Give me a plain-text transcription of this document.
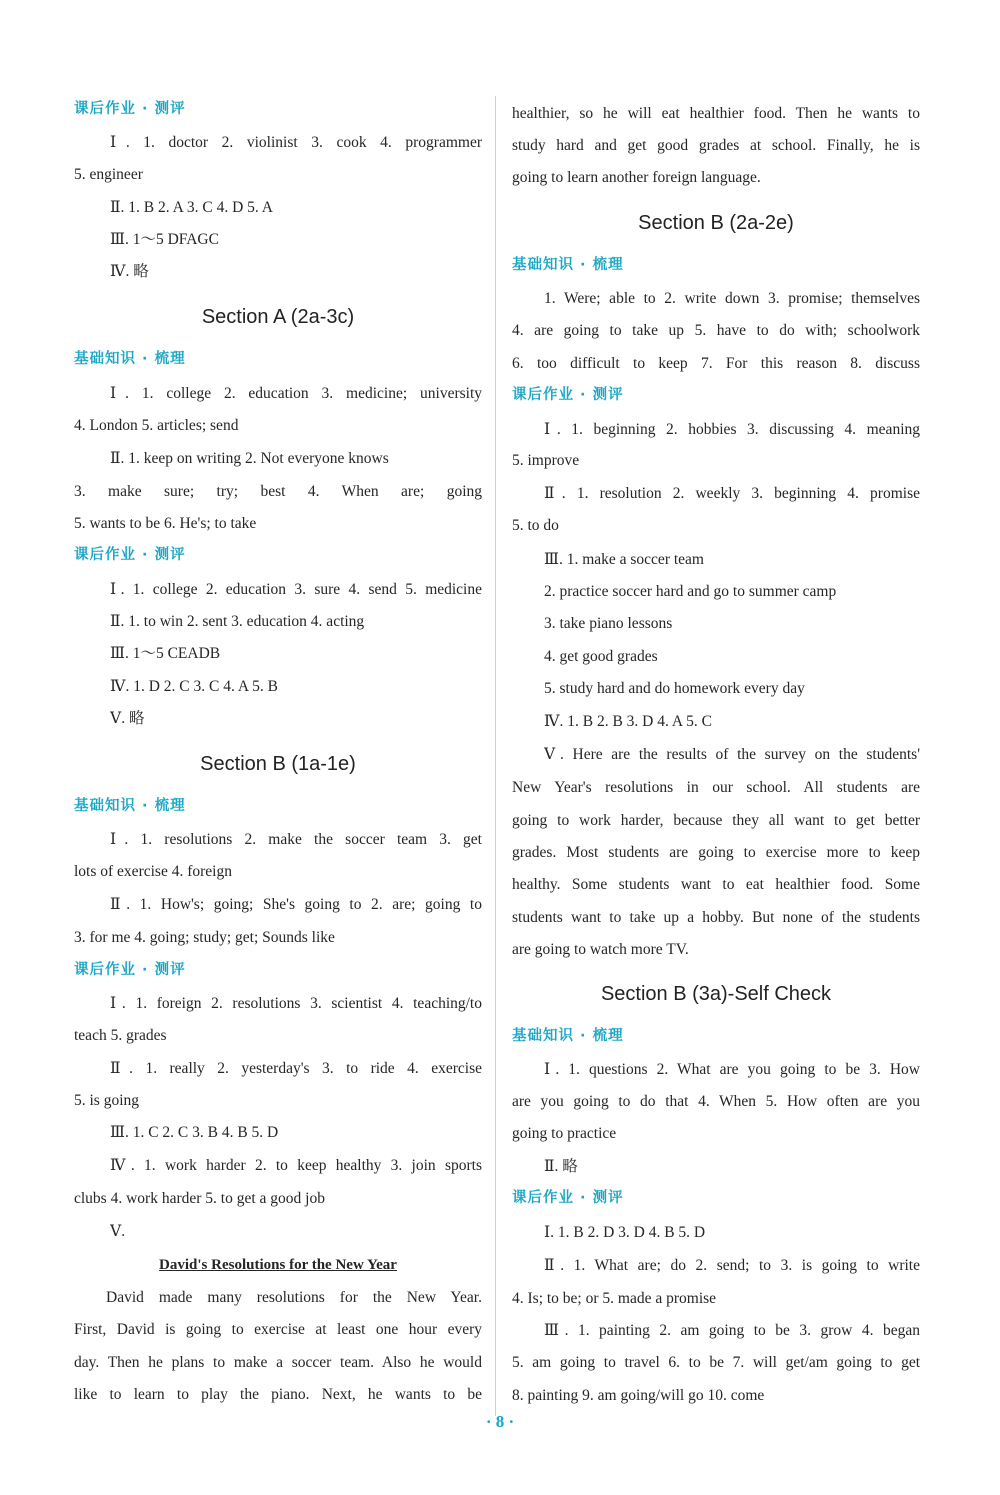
课后作业 · 测评
Ⅰ. 1. doctor 2. violinist 3. cook 4. programmer
5. engineer
Ⅱ. 1. B 2. A 3. C 4. D 5. A
Ⅲ. 1～5 DFAGC
Ⅳ. 略
Section A (2a-3c)
基础知识 · 梳理
Ⅰ. 1. college 2. education 3. medicine; university
4. London 5. articles; send
Ⅱ. 1. keep on writing 2. Not everyone knows
3. make sure; try; best 4. When are; going
5. wants to be 6. He's; to take
课后作业 · 测评
Ⅰ. 1. college 2. education 3. sure 4. send 5. medicine
Ⅱ. 1. to win 2. sent 3. education 4. acting
Ⅲ. 1～5 CEADB
Ⅳ. 1. D 2. C 3. C 4. A 5. B
Ⅴ. 略
Section B (1a-1e)
基础知识 · 梳理
Ⅰ. 1. resolutions 2. make the soccer team 3. get
lots of exercise 4. foreign
Ⅱ. 1. How's; going; She's going to 2. are; going to
3. for me 4. going; study; get; Sounds like
课后作业 · 测评
Ⅰ. 1. foreign 2. resolutions 3. scientist 4. teaching/to
teach 5. grades
Ⅱ. 1. really 2. yesterday's 3. to ride 4. exercise
5. is going
Ⅲ. 1. C 2. C 3. B 4. B 5. D
Ⅳ. 1. work harder 2. to keep healthy 3. join sports
clubs 4. work harder 5. to get a good job
Ⅴ.
David's Resolutions for the New Year
David made many resolutions for the New Year.
First, David is going to exercise at least one hour every
day. Then he plans to make a soccer team. Also he would
like to learn to play the piano. Next, he wants to be
healthier, so he will eat healthier food. Then he wants to
study hard and get good grades at school. Finally, he is
going to learn another foreign language.
Section B (2a-2e)
基础知识 · 梳理
1. Were; able to 2. write down 3. promise; themselves
4. are going to take up 5. have to do with; schoolwork
6. too difficult to keep 7. For this reason 8. discuss
课后作业 · 测评
Ⅰ. 1. beginning 2. hobbies 3. discussing 4. meaning
5. improve
Ⅱ. 1. resolution 2. weekly 3. beginning 4. promise
5. to do
Ⅲ. 1. make a soccer team
2. practice soccer hard and go to summer camp
3. take piano lessons
4. get good grades
5. study hard and do homework every day
Ⅳ. 1. B 2. B 3. D 4. A 5. C
Ⅴ. Here are the results of the survey on the students'
New Year's resolutions in our school. All students are
going to work harder, because they all want to get better
grades. Most students are going to exercise more to keep
healthy. Some students want to eat healthier food. Some
students want to take up a hobby. But none of the students
are going to watch more TV.
Section B (3a)-Self Check
基础知识 · 梳理
Ⅰ. 1. questions 2. What are you going to be 3. How
are you going to do that 4. When 5. How often are you
going to practice
Ⅱ. 略
课后作业 · 测评
Ⅰ. 1. B 2. D 3. D 4. B 5. D
Ⅱ. 1. What are; do 2. send; to 3. is going to write
4. Is; to be; or 5. made a promise
Ⅲ. 1. painting 2. am going to be 3. grow 4. began
5. am going to travel 6. to be 7. will get/am going to get
8. painting 9. am going/will go 10. come
· 8 ·
